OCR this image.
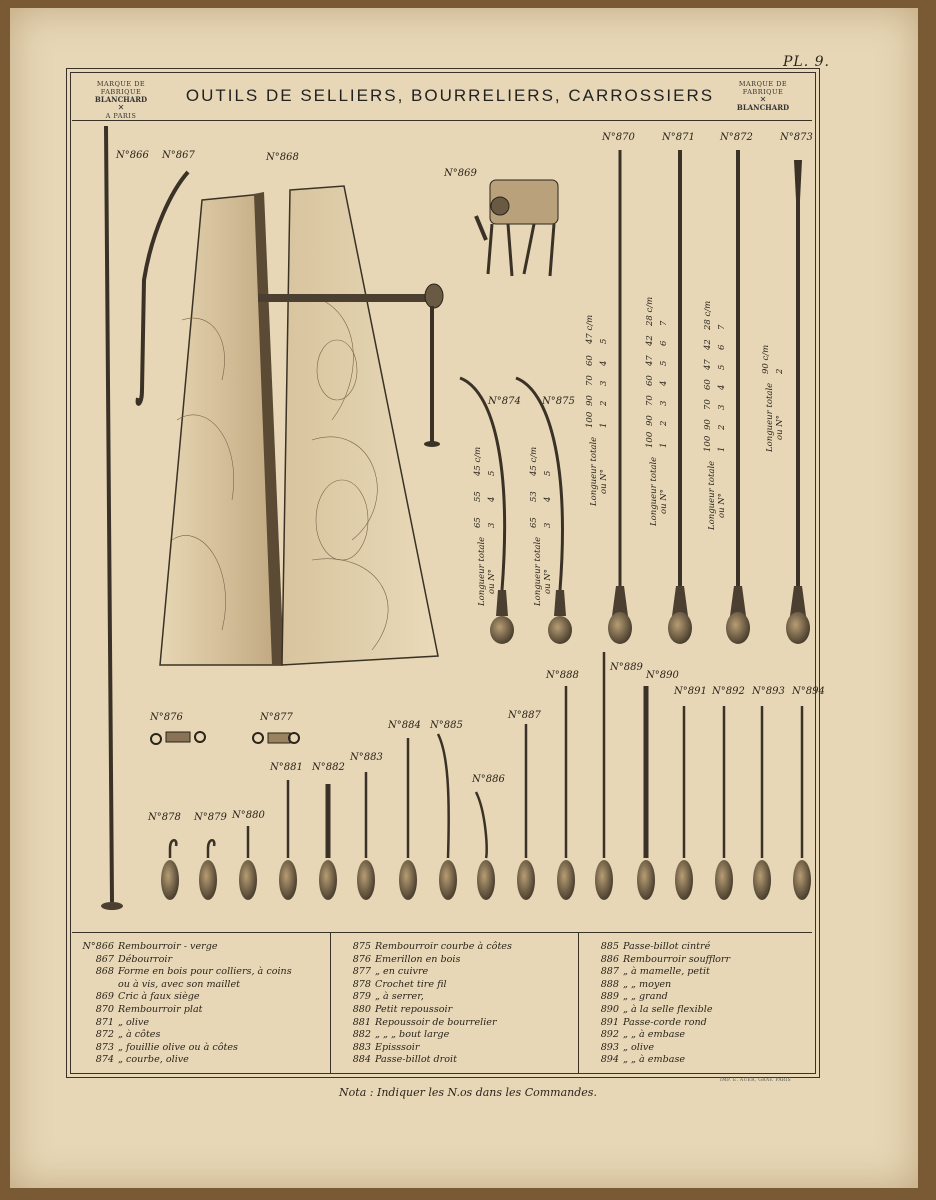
PL. 9.
MARQUE DE FABRIQUE
BLANCHARD
✕
A PARIS
OUTILS DE SELLIERS, BOURRELIERS, CARROSSIERS
MARQUE DE FABRIQUE
✕
BLANCHARD
N°866 N°867	N°868
N°869
N°870	N°871	N°872	N°873
N°874 N°875
Longueur totale ou N°
65 3
55 4
45 c/m 5
Longueur totale ou N°
65 3
53 4
45 c/m 5	Longueur totale ou N°
100 1
90 2
70 3
60 4
47 c/m 5
Longueur totale ou N°
100 1
90 2
70 3
60 4
47 5
42 6
28 c/m 7
Longueur totale ou N°
100 1
90 2
70 3
60 4
47 5
42 6
28 c/m 7
Longueur totale ou N°
90 c/m 2
N°876	N°877
N°878 N°879 N°880
N°881 N°882
N°883
N°884 N°885
N°886
N°887
N°888
N°889
N°890
N°891 N°892 N°893 N°894
N°866 Rembourroir - verge
867 Débourroir
868 Forme en bois pour colliers, à coins
ou à vis, avec son maillet
869 Cric à faux siège
870 Rembourroir plat
871 „ olive
872 „ à côtes
873 „ fouillie olive ou à côtes
874 „ courbe, olive
875 Rembourroir courbe à côtes
876 Emerillon en bois
877 „ en cuivre
878 Crochet tire fil
879 „ à serrer,
880 Petit repoussoir
881 Repoussoir de bourrelier
882 „ „ „ bout large
883 Episssoir
884 Passe-billot droit
885 Passe-billot cintré
886 Rembourroir soufflorr
887 „ à mamelle, petit
888 „ „ moyen
889 „ „ grand
890 „ à la selle flexible
891 Passe-corde rond
892 „ „ à embase
893 „ olive
894 „ „ à embase
IMP. E. AUER, GRAV. PARIS
Nota : Indiquer les N.os dans les Commandes.
